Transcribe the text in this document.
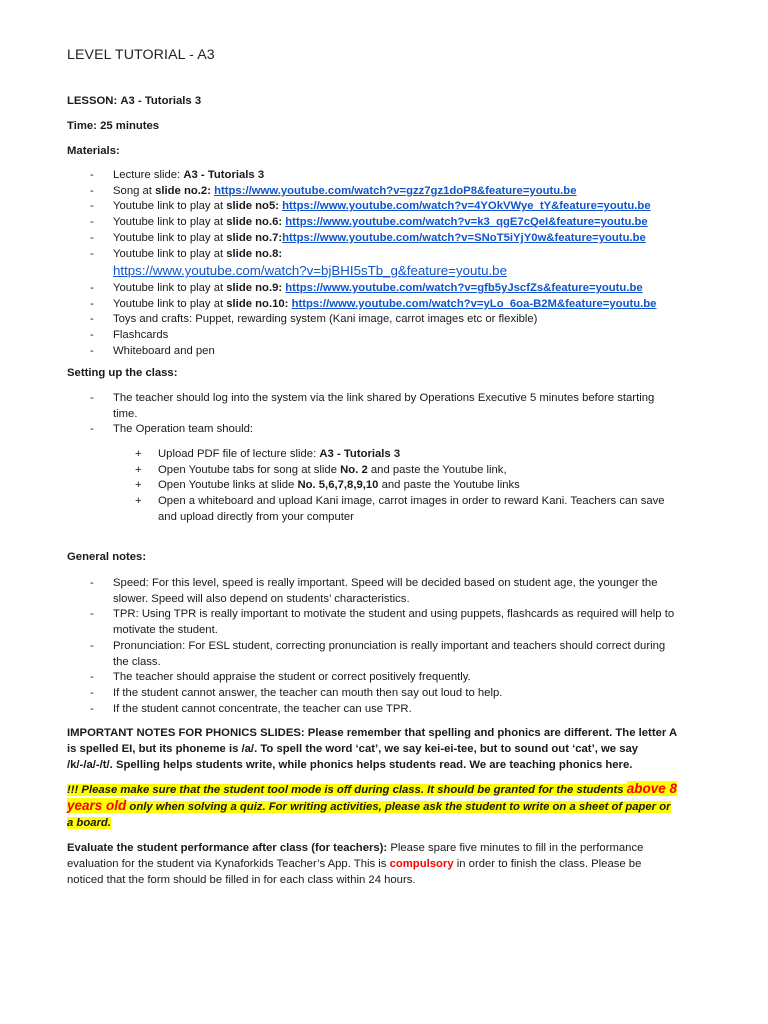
LEVEL TUTORIAL - A3
LESSON: A3 - Tutorials 3
Time: 25 minutes
Materials:
- Lecture slide: A3 - Tutorials 3
- Song at slide no.2: https://www.youtube.com/watch?v=gzz7gz1doP8&feature=youtu.be
- Youtube link to play at slide no5: https://www.youtube.com/watch?v=4YOkVWye_tY&feature=youtu.be
- Youtube link to play at slide no.6: https://www.youtube.com/watch?v=k3_qgE7cQeI&feature=youtu.be
- Youtube link to play at slide no.7:https://www.youtube.com/watch?v=SNoT5iYjY0w&feature=youtu.be
- Youtube link to play at slide no.8:
https://www.youtube.com/watch?v=bjBHI5sTb_g&feature=youtu.be
- Youtube link to play at slide no.9: https://www.youtube.com/watch?v=gfb5yJscfZs&feature=youtu.be
- Youtube link to play at slide no.10: https://www.youtube.com/watch?v=yLo_6oa-B2M&feature=youtu.be
- Toys and crafts: Puppet, rewarding system (Kani image, carrot images etc or flexible)
- Flashcards
- Whiteboard and pen
Setting up the class:
- The teacher should log into the system via the link shared by Operations Executive 5 minutes before starting time.
- The Operation team should:
+ Upload PDF file of lecture slide: A3 - Tutorials 3
+ Open Youtube tabs for song at slide No. 2 and paste the Youtube link,
+ Open Youtube links at slide No. 5,6,7,8,9,10 and paste the Youtube links
+ Open a whiteboard and upload Kani image, carrot images in order to reward Kani. Teachers can save and upload directly from your computer
General notes:
- Speed: For this level, speed is really important. Speed will be decided based on student age, the younger the slower. Speed will also depend on students’ characteristics.
- TPR: Using TPR is really important to motivate the student and using puppets, flashcards as required will help to motivate the student.
- Pronunciation: For ESL student, correcting pronunciation is really important and teachers should correct during the class.
- The teacher should appraise the student or correct positively frequently.
- If the student cannot answer, the teacher can mouth then say out loud to help.
- If the student cannot concentrate, the teacher can use TPR.
IMPORTANT NOTES FOR PHONICS SLIDES: Please remember that spelling and phonics are different. The letter A is spelled EI, but its phoneme is /a/. To spell the word ‘cat’, we say kei-ei-tee, but to sound out ‘cat’, we say /k/-/a/-/t/. Spelling helps students write, while phonics helps students read. We are teaching phonics here.
!!! Please make sure that the student tool mode is off during class. It should be granted for the students above 8 years old only when solving a quiz. For writing activities, please ask the student to write on a sheet of paper or a board.
Evaluate the student performance after class (for teachers): Please spare five minutes to fill in the performance evaluation for the student via Kynaforkids Teacher’s App. This is compulsory in order to finish the class. Please be noticed that the form should be filled in for each class within 24 hours.
